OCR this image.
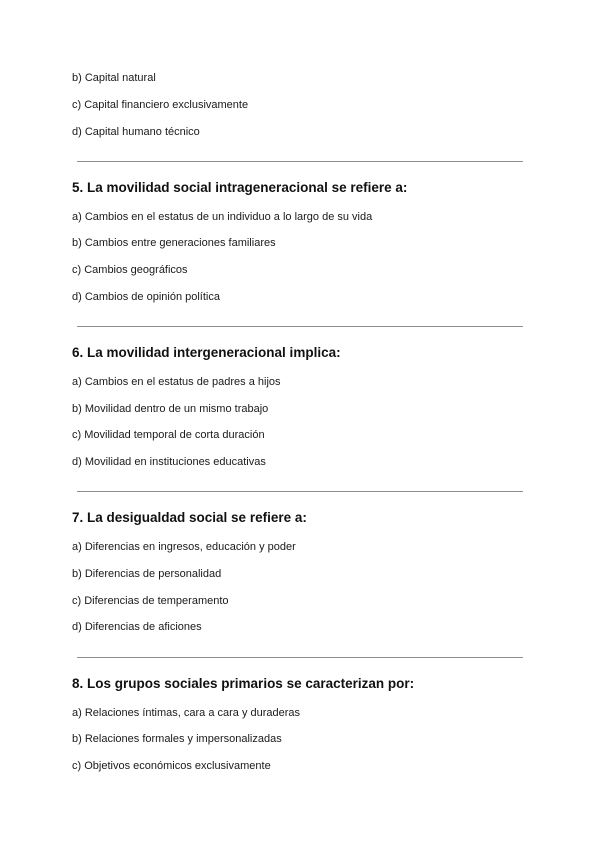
b) Capital natural
c) Capital financiero exclusivamente
d) Capital humano técnico
5. La movilidad social intrageneracional se refiere a:
a) Cambios en el estatus de un individuo a lo largo de su vida
b) Cambios entre generaciones familiares
c) Cambios geográficos
d) Cambios de opinión política
6. La movilidad intergeneracional implica:
a) Cambios en el estatus de padres a hijos
b) Movilidad dentro de un mismo trabajo
c) Movilidad temporal de corta duración
d) Movilidad en instituciones educativas
7. La desigualdad social se refiere a:
a) Diferencias en ingresos, educación y poder
b) Diferencias de personalidad
c) Diferencias de temperamento
d) Diferencias de aficiones
8. Los grupos sociales primarios se caracterizan por:
a) Relaciones íntimas, cara a cara y duraderas
b) Relaciones formales y impersonalizadas
c) Objetivos económicos exclusivamente
